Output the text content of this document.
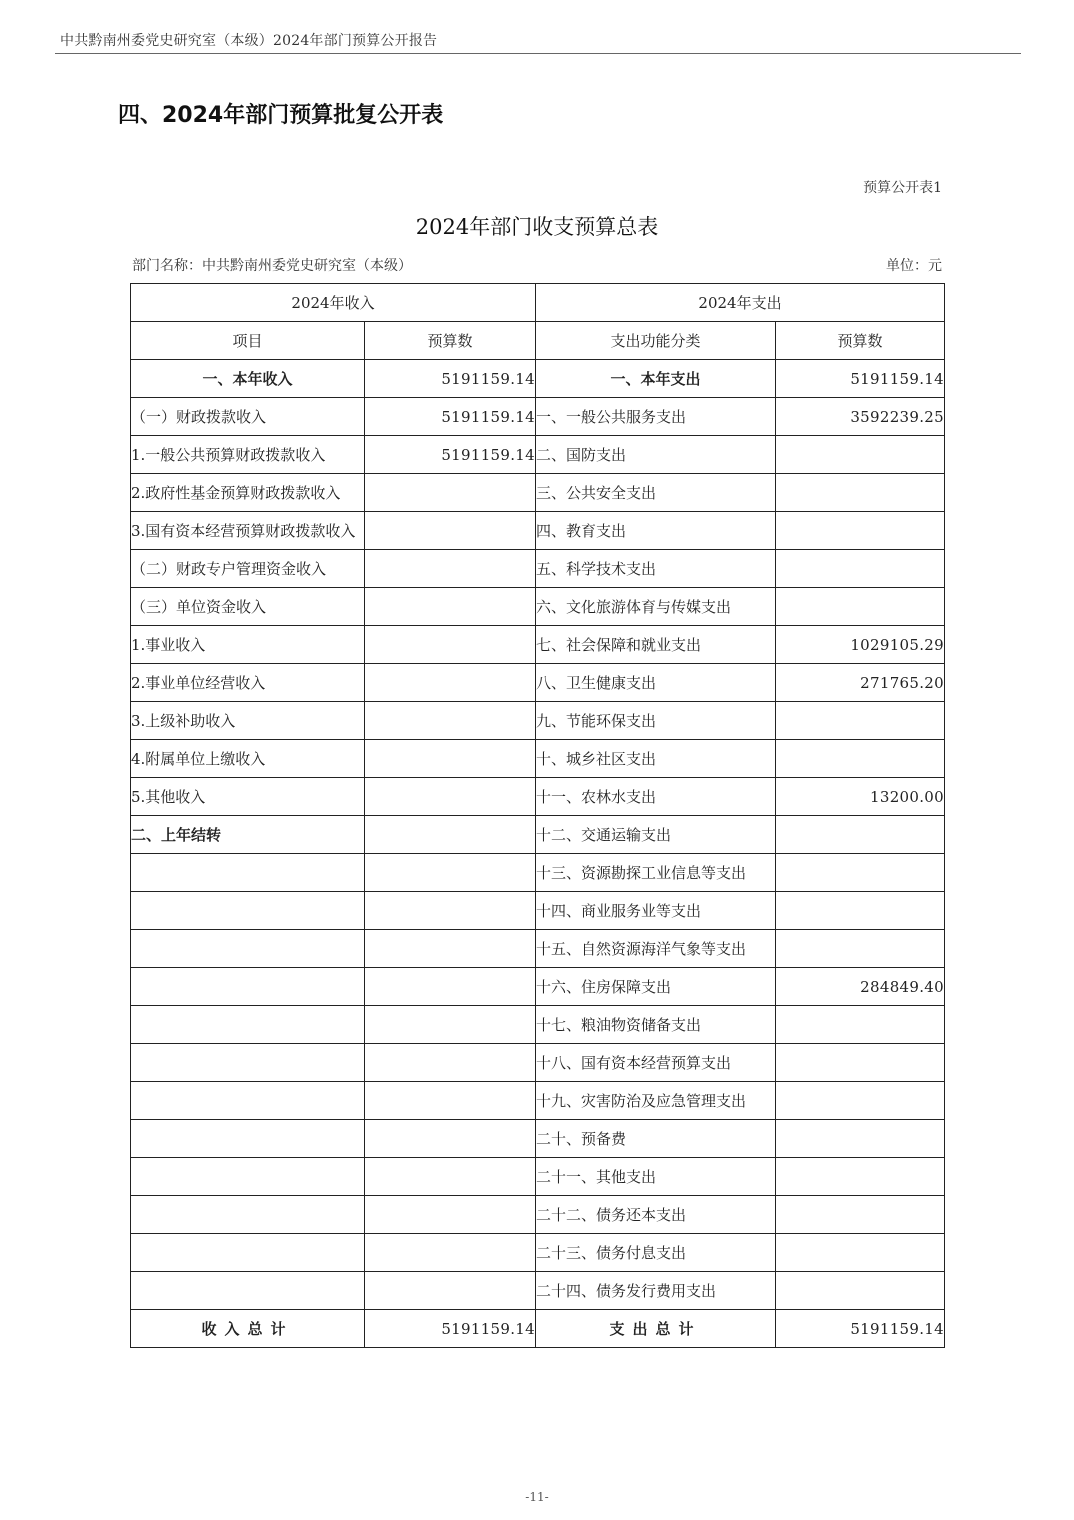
中共黔南州委党史研究室（本级）2024年部门预算公开报告
四、2024年部门预算批复公开表
预算公开表1
2024年部门收支预算总表
部门名称：中共黔南州委党史研究室（本级）	单位：元
2024年收入		2024年支出	
项目	预算数	支出功能分类	预算数
一、本年收入	5191159.14	一、本年支出	5191159.14
（一）财政拨款收入	5191159.14	一、一般公共服务支出	3592239.25
1.一般公共预算财政拨款收入	5191159.14	二、国防支出	
2.政府性基金预算财政拨款收入		三、公共安全支出	
3.国有资本经营预算财政拨款收入		四、教育支出	
（二）财政专户管理资金收入		五、科学技术支出	
（三）单位资金收入		六、文化旅游体育与传媒支出	
1.事业收入		七、社会保障和就业支出	1029105.29
2.事业单位经营收入		八、卫生健康支出	271765.20
3.上级补助收入		九、节能环保支出	
4.附属单位上缴收入		十、城乡社区支出	
5.其他收入		十一、农林水支出	13200.00
二、上年结转		十二、交通运输支出	
		十三、资源勘探工业信息等支出	
		十四、商业服务业等支出	
		十五、自然资源海洋气象等支出	
		十六、住房保障支出	284849.40
		十七、粮油物资储备支出	
		十八、国有资本经营预算支出	
		十九、灾害防治及应急管理支出	
		二十、预备费	
		二十一、其他支出	
		二十二、债务还本支出	
		二十三、债务付息支出	
		二十四、债务发行费用支出	
收入总计	5191159.14	支出总计	5191159.14
-11-
